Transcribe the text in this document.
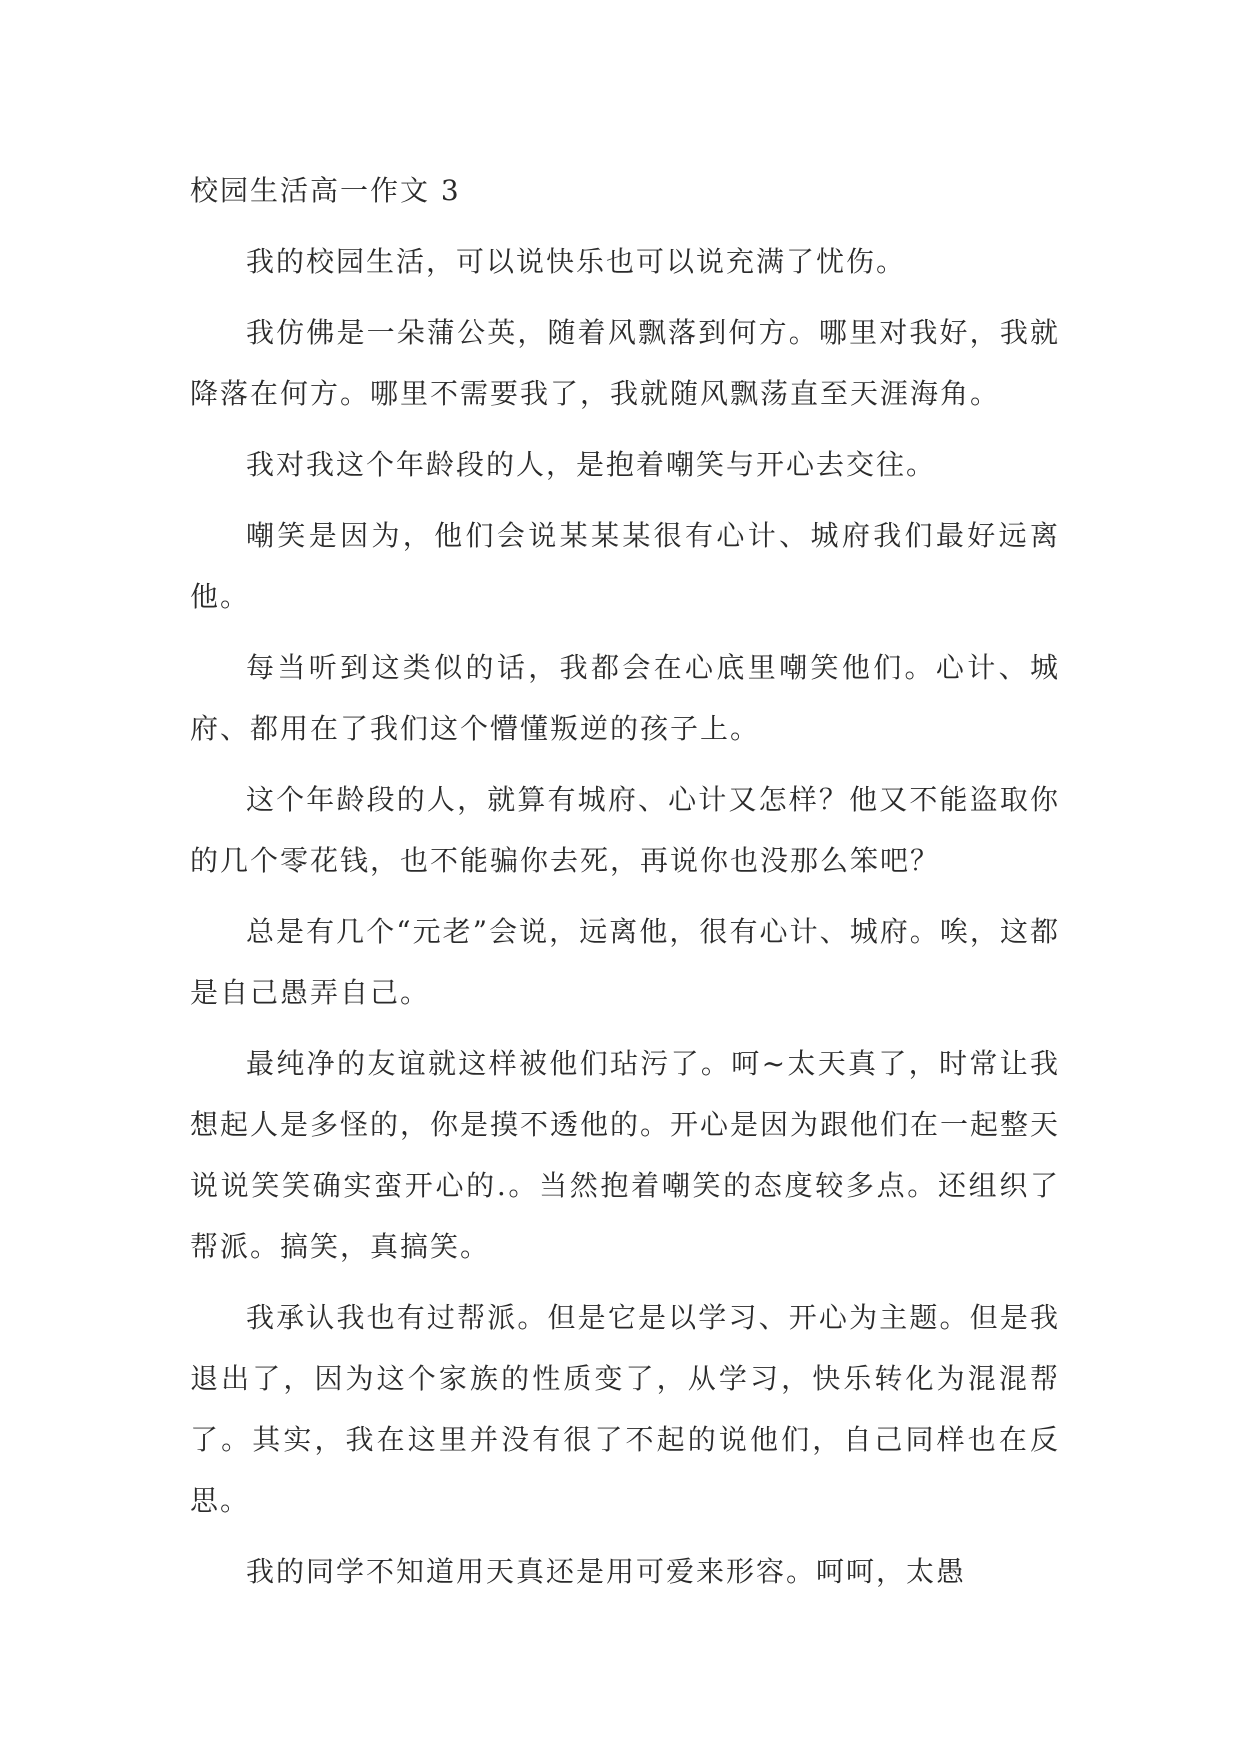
校园生活高一作文 3

我的校园生活，可以说快乐也可以说充满了忧伤。

我仿佛是一朵蒲公英，随着风飘落到何方。哪里对我好，我就降落在何方。哪里不需要我了，我就随风飘荡直至天涯海角。

我对我这个年龄段的人，是抱着嘲笑与开心去交往。

嘲笑是因为，他们会说某某某很有心计、城府我们最好远离他。

每当听到这类似的话，我都会在心底里嘲笑他们。心计、城府、都用在了我们这个懵懂叛逆的孩子上。

这个年龄段的人，就算有城府、心计又怎样？他又不能盗取你的几个零花钱，也不能骗你去死，再说你也没那么笨吧？

总是有几个“元老”会说，远离他，很有心计、城府。唉，这都是自己愚弄自己。

最纯净的友谊就这样被他们玷污了。呵~太天真了，时常让我想起人是多怪的，你是摸不透他的。开心是因为跟他们在一起整天说说笑笑确实蛮开心的.。当然抱着嘲笑的态度较多点。还组织了帮派。搞笑，真搞笑。

我承认我也有过帮派。但是它是以学习、开心为主题。但是我退出了，因为这个家族的性质变了，从学习，快乐转化为混混帮了。其实，我在这里并没有很了不起的说他们，自己同样也在反思。

我的同学不知道用天真还是用可爱来形容。呵呵，太愚
